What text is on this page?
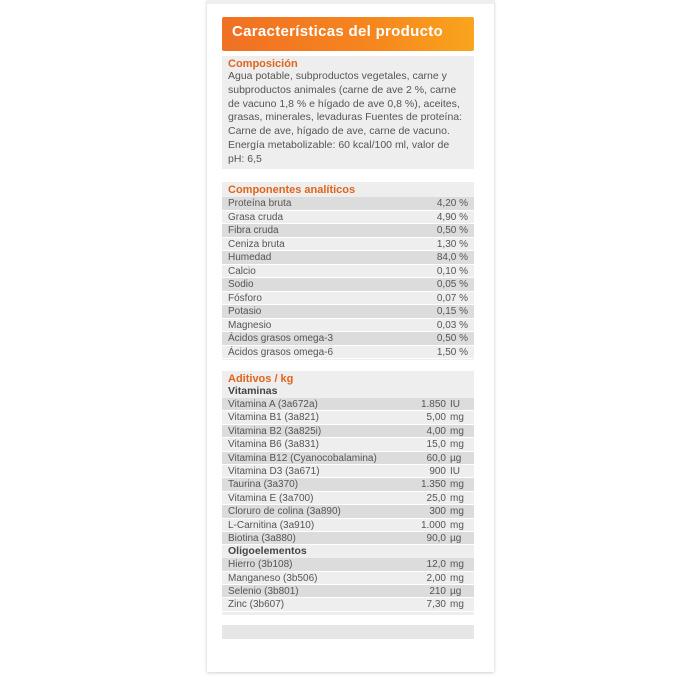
Características del producto
Composición
Agua potable, subproductos vegetales, carne y subproductos animales (carne de ave 2 %, carne de vacuno 1,8 % e hígado de ave 0,8 %), aceites, grasas, minerales, levaduras Fuentes de proteína: Carne de ave, hígado de ave, carne de vacuno. Energía metabolizable: 60 kcal/100 ml, valor de pH: 6,5
Componentes analíticos
Proteína bruta	4,20 %
Grasa cruda	4,90 %
Fibra cruda	0,50 %
Ceniza bruta	1,30 %
Humedad	84,0 %
Calcio	0,10 %
Sodio	0,05 %
Fósforo	0,07 %
Potasio	0,15 %
Magnesio	0,03 %
Ácidos grasos omega-3	0,50 %
Ácidos grasos omega-6	1,50 %
Aditivos / kg
Vitaminas
Vitamina A (3a672a)	1.850 IU
Vitamina B1 (3a821)	5,00 mg
Vitamina B2 (3a825i)	4,00 mg
Vitamina B6 (3a831)	15,0 mg
Vitamina B12 (Cyanocobalamina)	60,0 µg
Vitamina D3 (3a671)	900 IU
Taurina (3a370)	1.350 mg
Vitamina E (3a700)	25,0 mg
Cloruro de colina (3a890)	300 mg
L-Carnitina (3a910)	1.000 mg
Biotina (3a880)	90,0 µg
Oligoelementos
Hierro (3b108)	12,0 mg
Manganeso (3b506)	2,00 mg
Selenio (3b801)	210 µg
Zinc (3b607)	7,30 mg
